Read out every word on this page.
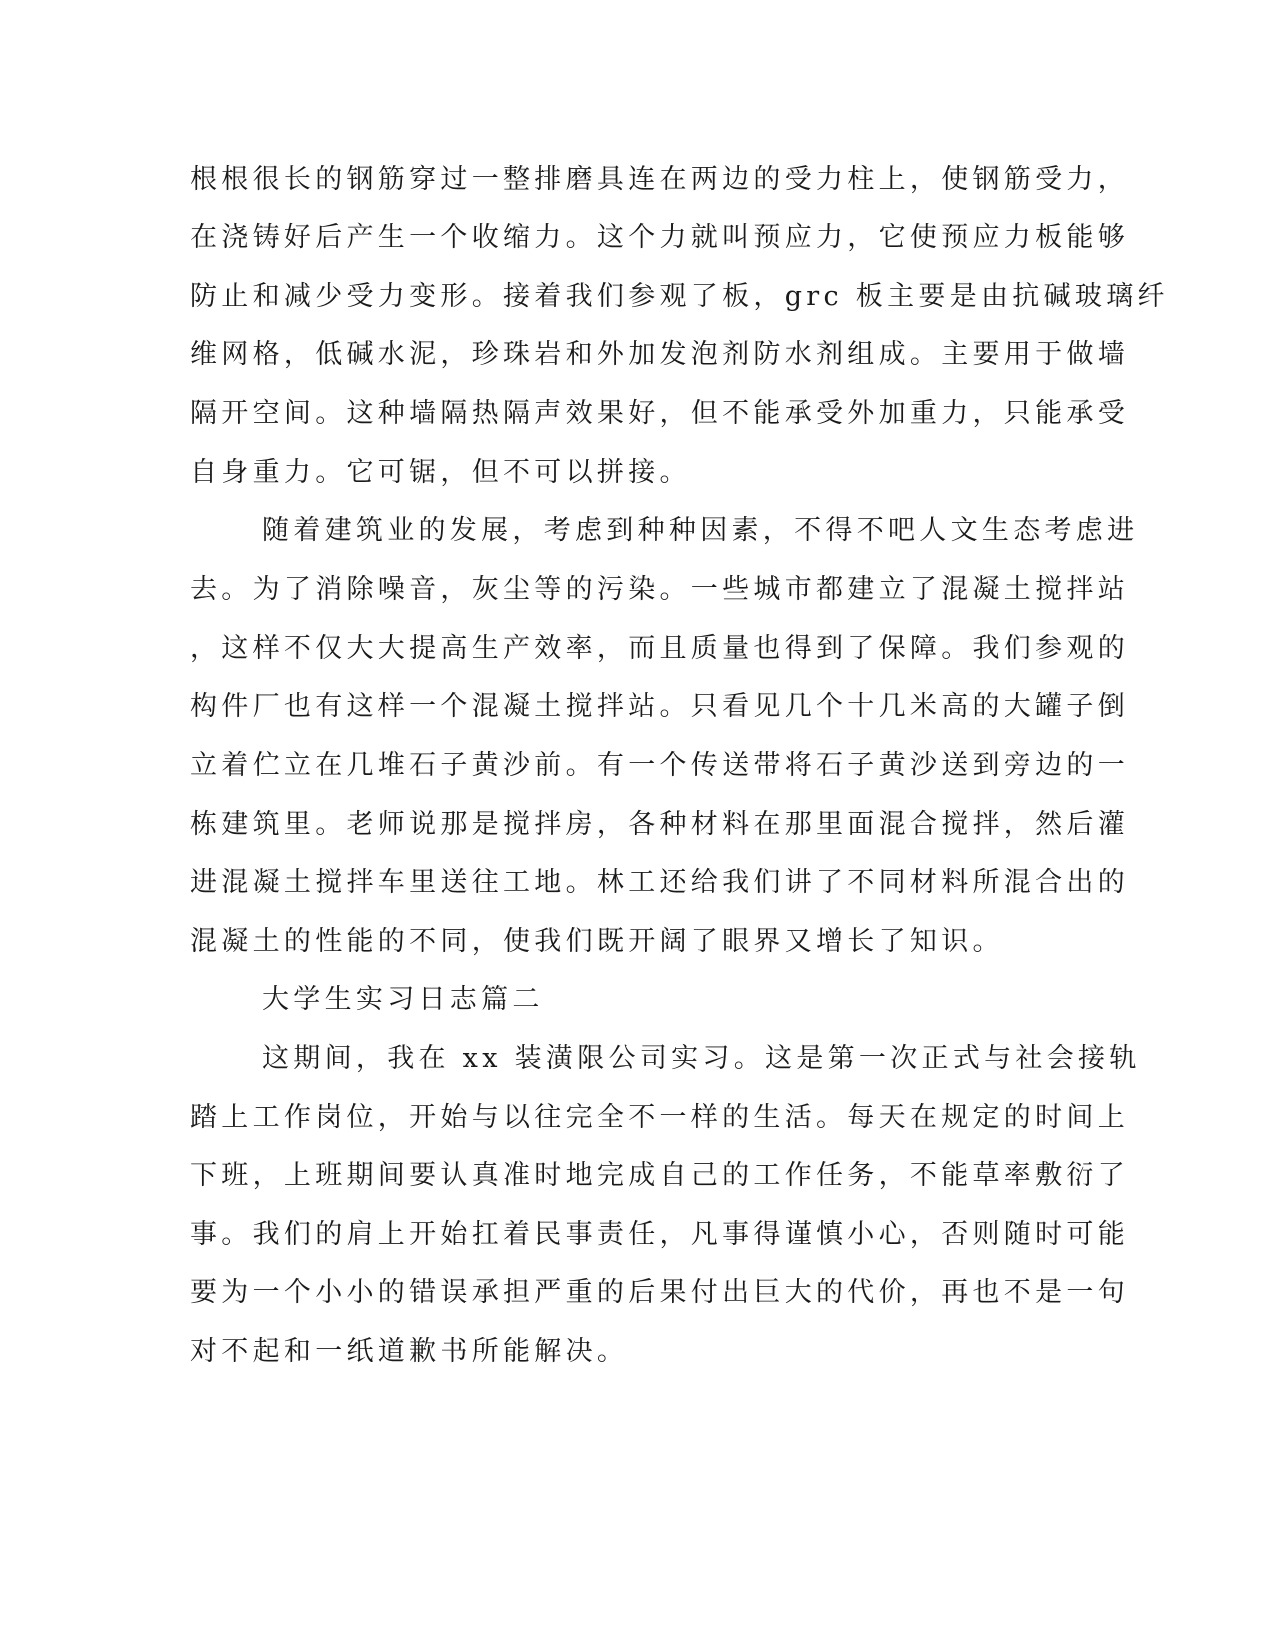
根根很长的钢筋穿过一整排磨具连在两边的受力柱上，使钢筋受力，

在浇铸好后产生一个收缩力。这个力就叫预应力，它使预应力板能够

防止和减少受力变形。接着我们参观了板，grc 板主要是由抗碱玻璃纤

维网格，低碱水泥，珍珠岩和外加发泡剂防水剂组成。主要用于做墙

隔开空间。这种墙隔热隔声效果好，但不能承受外加重力，只能承受

自身重力。它可锯，但不可以拼接。

随着建筑业的发展，考虑到种种因素，不得不吧人文生态考虑进

去。为了消除噪音，灰尘等的污染。一些城市都建立了混凝土搅拌站

，这样不仅大大提高生产效率，而且质量也得到了保障。我们参观的

构件厂也有这样一个混凝土搅拌站。只看见几个十几米高的大罐子倒

立着伫立在几堆石子黄沙前。有一个传送带将石子黄沙送到旁边的一

栋建筑里。老师说那是搅拌房，各种材料在那里面混合搅拌，然后灌

进混凝土搅拌车里送往工地。林工还给我们讲了不同材料所混合出的

混凝土的性能的不同，使我们既开阔了眼界又增长了知识。

大学生实习日志篇二

这期间，我在 xx 装潢限公司实习。这是第一次正式与社会接轨

踏上工作岗位，开始与以往完全不一样的生活。每天在规定的时间上

下班，上班期间要认真准时地完成自己的工作任务，不能草率敷衍了

事。我们的肩上开始扛着民事责任，凡事得谨慎小心，否则随时可能

要为一个小小的错误承担严重的后果付出巨大的代价，再也不是一句

对不起和一纸道歉书所能解决。
